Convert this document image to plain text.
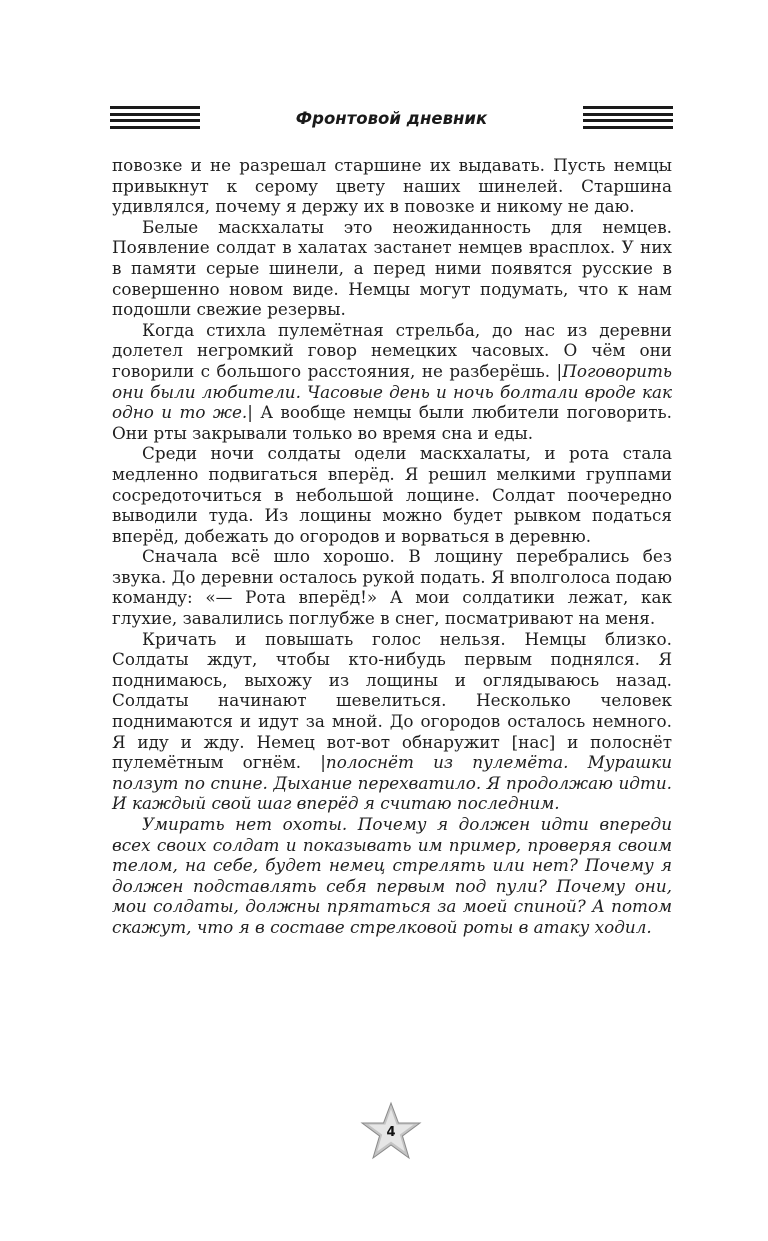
Фронтовой дневник

повозке и не разрешал старшине их выдавать. Пусть немцы привыкнут к серому цвету наших шинелей. Старшина удивлялся, почему я держу их в повозке и никому не даю.

Белые маскхалаты это неожиданность для немцев. Появление солдат в халатах застанет немцев врасплох. У них в памяти серые шинели, а перед ними появятся русские в совершенно новом виде. Немцы могут подумать, что к нам подошли свежие резервы.

Когда стихла пулемётная стрельба, до нас из деревни долетел негромкий говор немецких часовых. О чём они говорили с большого расстояния, не разберёшь. |Поговорить они были любители. Часовые день и ночь болтали вроде как одно и то же.| А вообще немцы были любители поговорить. Они рты закрывали только во время сна и еды.

Среди ночи солдаты одели маскхалаты, и рота стала медленно подвигаться вперёд. Я решил мелкими группами сосредоточиться в небольшой лощине. Солдат поочередно выводили туда. Из лощины можно будет рывком податься вперёд, добежать до огородов и ворваться в деревню.

Сначала всё шло хорошо. В лощину перебрались без звука. До деревни осталось рукой подать. Я вполголоса подаю команду: «— Рота вперёд!» А мои солдатики лежат, как глухие, завалились поглубже в снег, посматривают на меня.

Кричать и повышать голос нельзя. Немцы близко. Солдаты ждут, чтобы кто-нибудь первым поднялся. Я поднимаюсь, выхожу из лощины и оглядываюсь назад. Солдаты начинают шевелиться. Несколько человек поднимаются и идут за мной. До огородов осталось немного. Я иду и жду. Немец вот-вот обнаружит [нас] и полоснёт пулемётным огнём. |полоснёт из пулемёта. Мурашки ползут по спине. Дыхание перехватило. Я продолжаю идти. И каждый свой шаг вперёд я считаю последним.

Умирать нет охоты. Почему я должен идти впереди всех своих солдат и показывать им пример, проверяя своим телом, на себе, будет немец стрелять или нет? Почему я должен подставлять себя первым под пули? Почему они, мои солдаты, должны прятаться за моей спиной? А потом скажут, что я в составе стрелковой роты в атаку ходил.

4
